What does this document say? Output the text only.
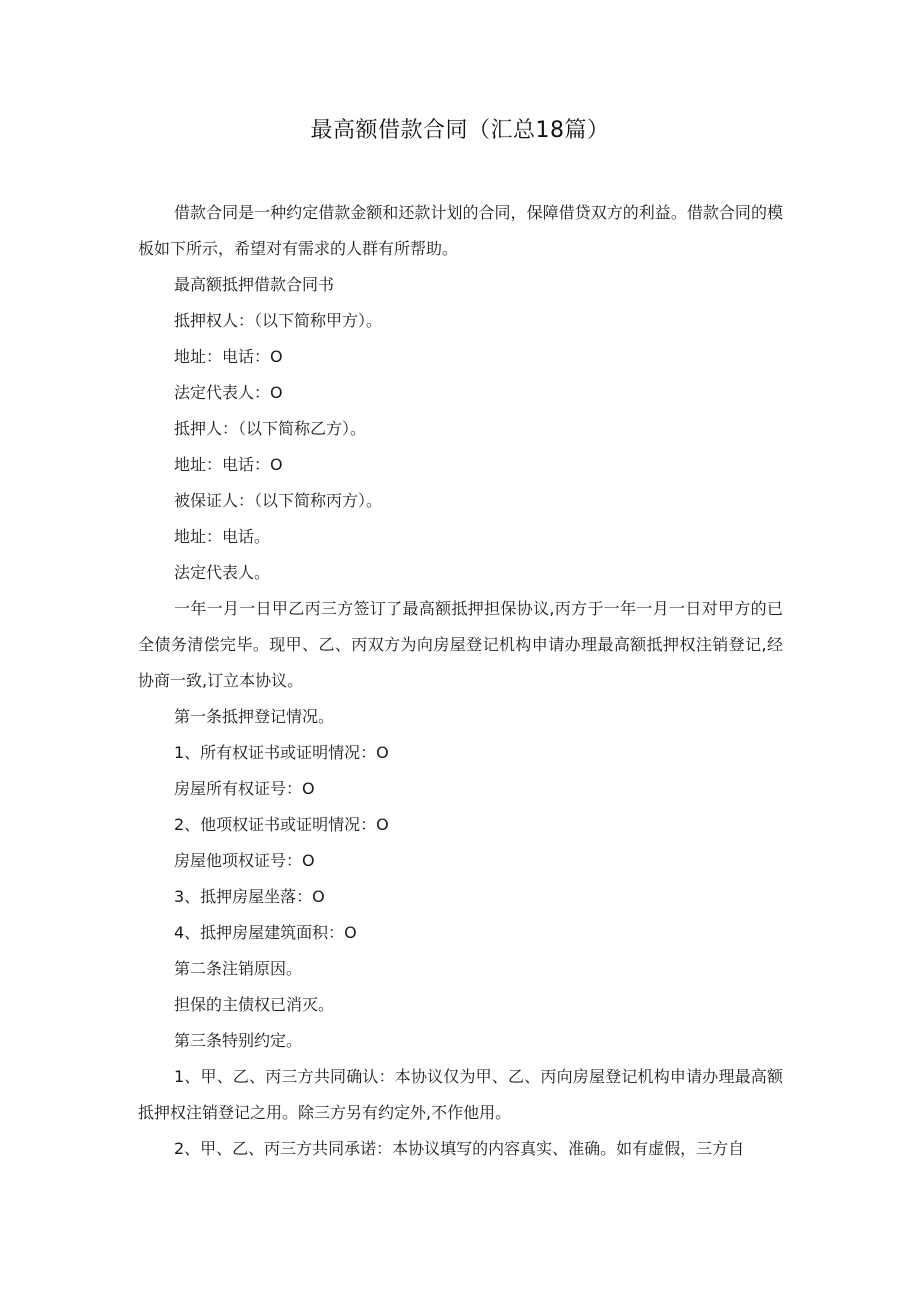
最高额借款合同（汇总18篇）

借款合同是一种约定借款金额和还款计划的合同，保障借贷双方的利益。借款合同的模板如下所示，希望对有需求的人群有所帮助。

最高额抵押借款合同书

抵押权人：（以下简称甲方）。

地址：电话：O

法定代表人：O

抵押人：（以下简称乙方）。

地址：电话：O

被保证人：（以下简称丙方）。

地址：电话。

法定代表人。

一年一月一日甲乙丙三方签订了最高额抵押担保协议,丙方于一年一月一日对甲方的已全债务清偿完毕。现甲、乙、丙双方为向房屋登记机构申请办理最高额抵押权注销登记,经协商一致,订立本协议。

第一条抵押登记情况。

1、所有权证书或证明情况：O

房屋所有权证号：O

2、他项权证书或证明情况：O

房屋他项权证号：O

3、抵押房屋坐落：O

4、抵押房屋建筑面积：O

第二条注销原因。

担保的主债权已消灭。

第三条特别约定。

1、甲、乙、丙三方共同确认：本协议仅为甲、乙、丙向房屋登记机构申请办理最高额抵押权注销登记之用。除三方另有约定外,不作他用。

2、甲、乙、丙三方共同承诺：本协议填写的内容真实、准确。如有虚假，三方自
